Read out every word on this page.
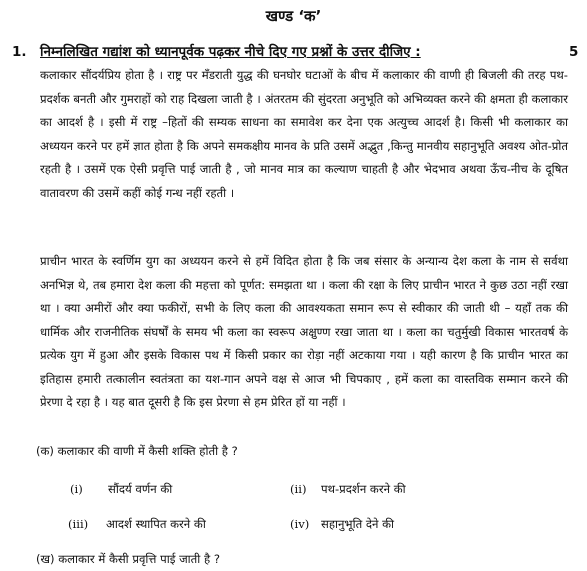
खण्ड ‘क’
1. निम्नलिखित गद्यांश को ध्यानपूर्वक पढ़कर नीचे दिए गए प्रश्नों के उत्तर दीजिए :	5

कलाकार सौंदर्यप्रिय होता है । राष्ट्र पर मँडराती युद्ध की घनघोर घटाओं के बीच में कलाकार की वाणी ही बिजली की तरह पथ- प्रदर्शक बनती और गुमराहों को राह दिखला जाती है । अंतरतम की सुंदरता अनुभूति को अभिव्यक्त करने की क्षमता ही कलाकार का आदर्श है । इसी में राष्ट्र –हितों की सम्यक साधना का समावेश कर देना एक अत्युच्च आदर्श है। किसी भी कलाकार का अध्ययन करने पर हमें ज्ञात होता है कि अपने समकक्षीय मानव के प्रति उसमें अद्भुत ,किन्तु मानवीय सहानुभूति अवश्य ओत-प्रोत रहती है । उसमें एक ऐसी प्रवृत्ति पाई जाती है , जो मानव मात्र का कल्याण चाहती है और भेदभाव अथवा ऊँच-नीच के दूषित वातावरण की उसमें कहीं कोई गन्ध नहीं रहती ।

प्राचीन भारत के स्वर्णिम युग का अध्ययन करने से हमें विदित होता है कि जब संसार के अन्यान्य देश कला के नाम से सर्वथा अनभिज्ञ थे, तब हमारा देश कला की महत्ता को पूर्णत: समझता था । कला की रक्षा के लिए प्राचीन भारत ने कुछ उठा नहीं रखा था । क्या अमीरों और क्या फकीरों, सभी के लिए कला की आवश्यकता समान रूप से स्वीकार की जाती थी – यहाँ तक की धार्मिक और राजनीतिक संघर्षों के समय भी कला का स्वरूप अक्षुण्ण रखा जाता था । कला का चतुर्मुखी विकास भारतवर्ष के प्रत्येक युग में हुआ और इसके विकास पथ में किसी प्रकार का रोड़ा नहीं अटकाया गया । यही कारण है कि प्राचीन भारत का इतिहास हमारी तत्कालीन स्वतंत्रता का यश-गान अपने वक्ष से आज भी चिपकाए , हमें कला का वास्तविक सम्मान करने की प्रेरणा दे रहा है । यह बात दूसरी है कि इस प्रेरणा से हम प्रेरित हों या नहीं ।

(क) कलाकार की वाणी में कैसी शक्ति होती है ?
(i) सौंदर्य वर्णन की	(ii) पथ-प्रदर्शन करने की
(iii) आदर्श स्थापित करने की	(iv) सहानुभूति देने की
(ख) कलाकार में कैसी प्रवृत्ति पाई जाती है ?
